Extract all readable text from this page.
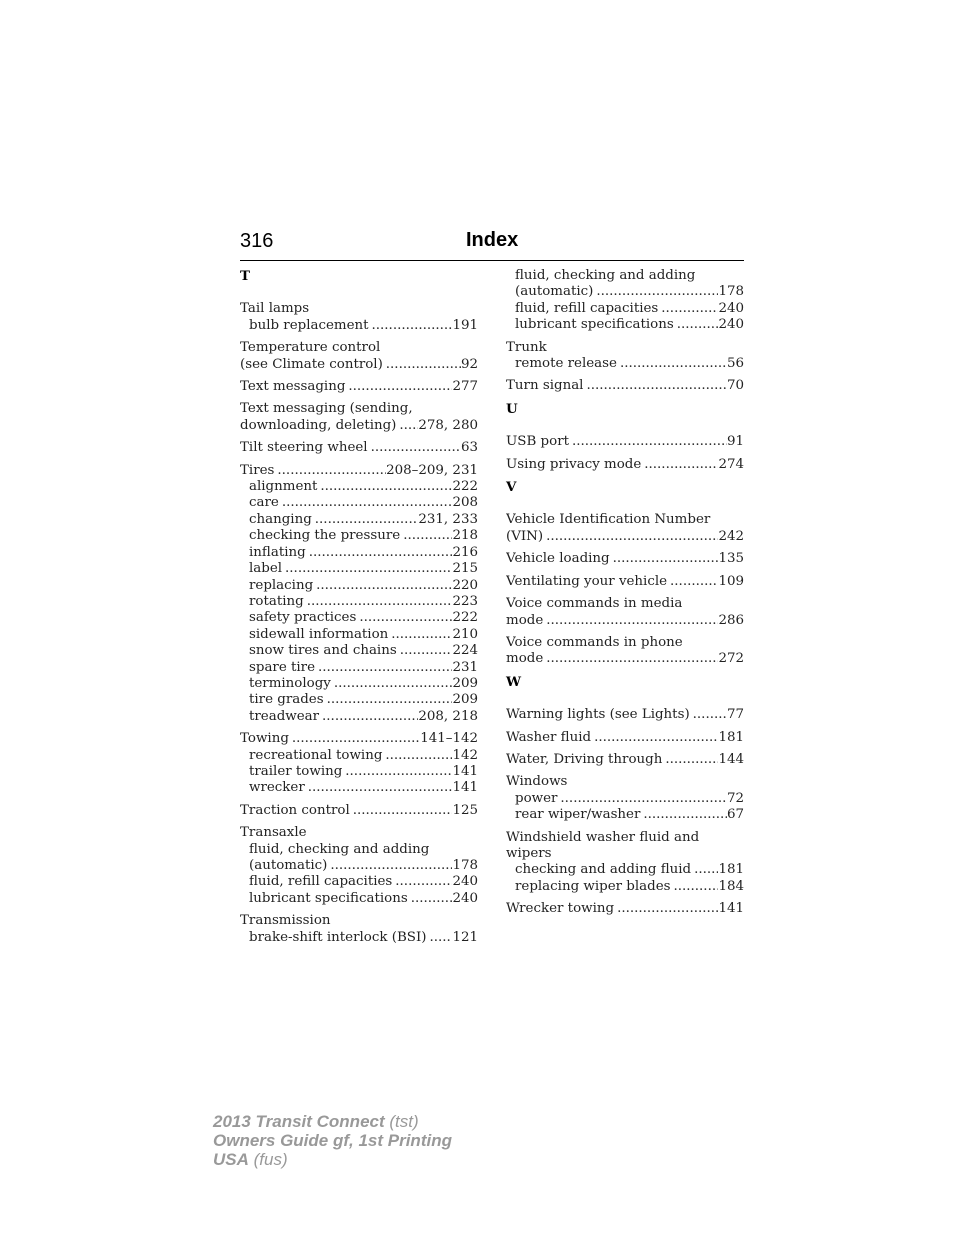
316	Index
T
Tail lamps
bulb replacement .....	191
Temperature control
(see Climate control) .....	92
Text messaging .....	277
Text messaging (sending,
downloading, deleting) ..... 278, 280
Tilt steering wheel .....	63
Tires .....	208–209, 231
alignment .....	222
care .....	208
changing .....	231, 233
checking the pressure .....	218
inflating .....	216
label .....	215
replacing .....	220
rotating .....	223
safety practices .....	222
sidewall information .....	210
snow tires and chains .....	224
spare tire .....	231
terminology .....	209
tire grades .....	209
treadwear .....	208, 218
Towing .....	141–142
recreational towing .....	142
trailer towing .....	141
wrecker .....	141
Traction control .....	125
Transaxle
fluid, checking and adding
(automatic) .....	178
fluid, refill capacities .....	240
lubricant specifications .....	240
Transmission
brake-shift interlock (BSI) ..... 121
fluid, checking and adding
(automatic) .....	178
fluid, refill capacities .....	240
lubricant specifications .....	240
Trunk
remote release .....	56
Turn signal .....	70
U
USB port .....	91
Using privacy mode .....	274
V
Vehicle Identification Number
(VIN) .....	242
Vehicle loading .....	135
Ventilating your vehicle .....	109
Voice commands in media
mode .....	286
Voice commands in phone
mode .....	272
W
Warning lights (see Lights) .....	77
Washer fluid .....	181
Water, Driving through .....	144
Windows
power .....	72
rear wiper/washer .....	67
Windshield washer fluid and
wipers
checking and adding fluid ..... 181
replacing wiper blades .....	184
Wrecker towing .....	141
2013 Transit Connect (tst)
Owners Guide gf, 1st Printing
USA (fus)
